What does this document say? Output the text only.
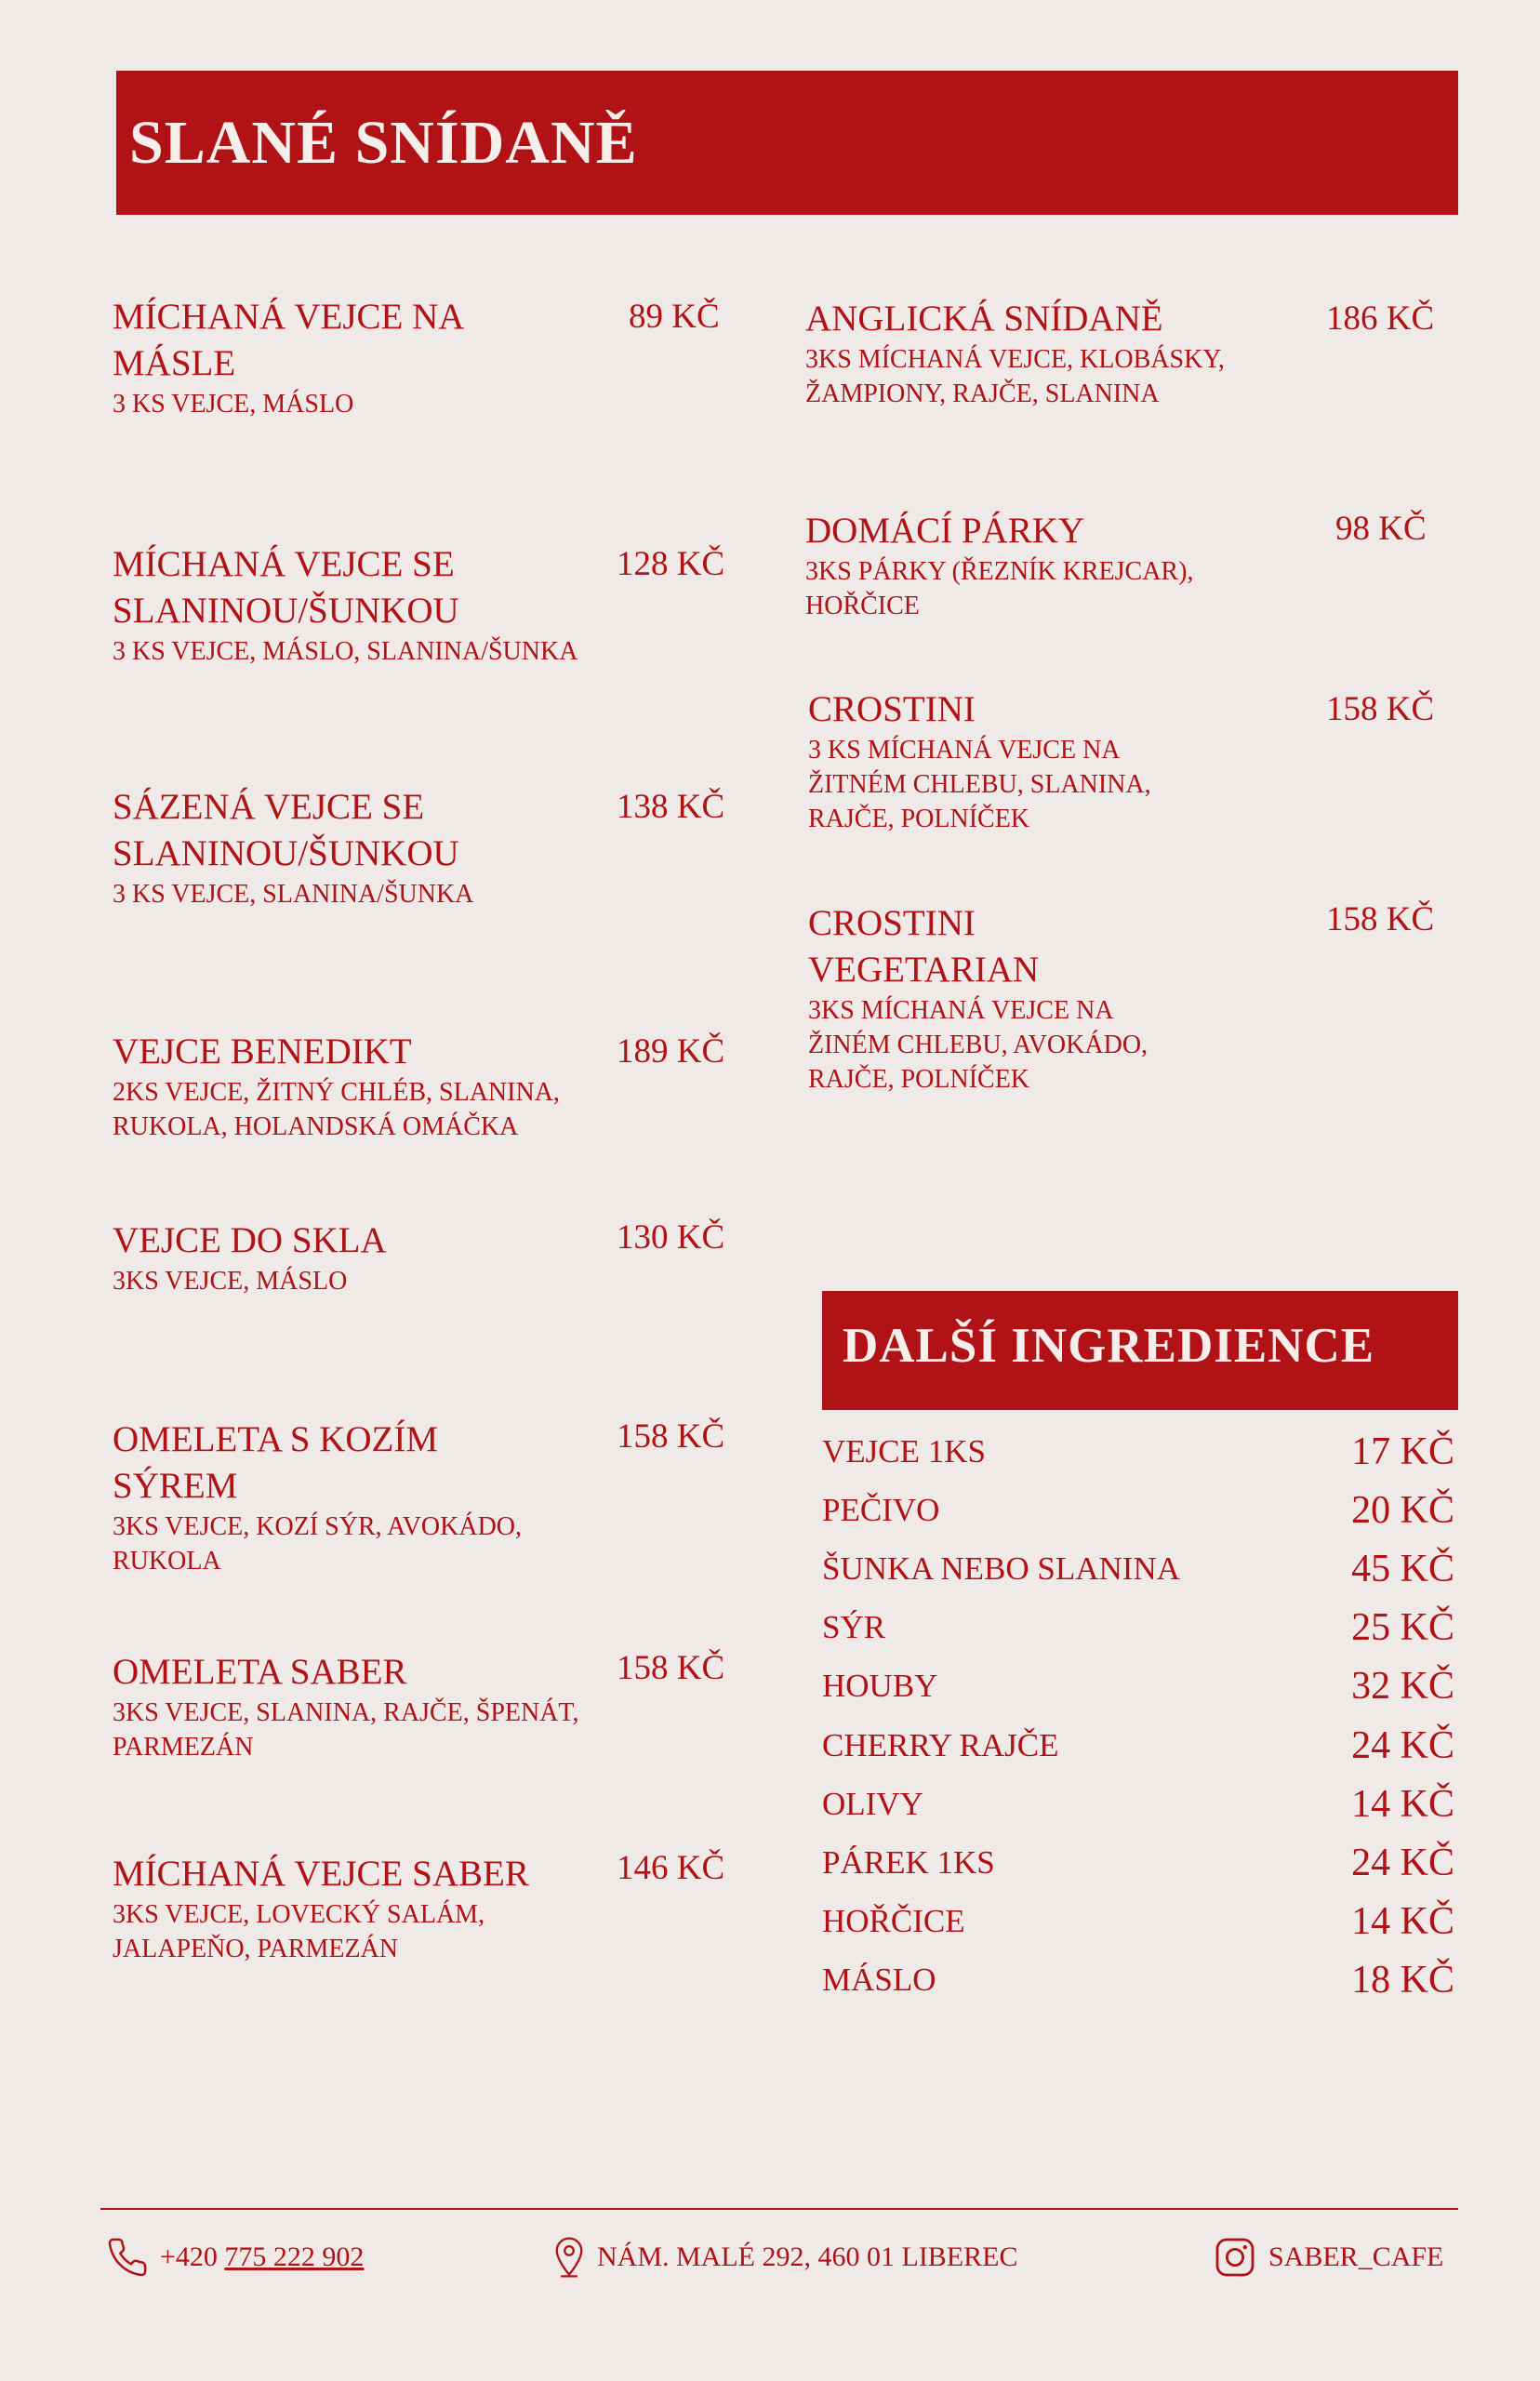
SLANÉ SNÍDANĚ
MÍCHANÁ VEJCE NA
MÁSLE
3 KS VEJCE, MÁSLO
89 KČ
MÍCHANÁ VEJCE SE
SLANINOU/ŠUNKOU
3 KS VEJCE, MÁSLO, SLANINA/ŠUNKA
128 KČ
SÁZENÁ VEJCE SE
SLANINOU/ŠUNKOU
3 KS VEJCE, SLANINA/ŠUNKA
138 KČ
VEJCE BENEDIKT
2KS VEJCE, ŽITNÝ CHLÉB, SLANINA,
RUKOLA, HOLANDSKÁ OMÁČKA
189 KČ
VEJCE DO SKLA
3KS VEJCE, MÁSLO
130 KČ
OMELETA S KOZÍM
SÝREM
3KS VEJCE, KOZÍ SÝR, AVOKÁDO,
RUKOLA
158 KČ
OMELETA SABER
3KS VEJCE, SLANINA, RAJČE, ŠPENÁT,
PARMEZÁN
158 KČ
MÍCHANÁ VEJCE SABER
3KS VEJCE, LOVECKÝ SALÁM,
JALAPEŇO, PARMEZÁN
146 KČ
ANGLICKÁ SNÍDANĚ
3KS MÍCHANÁ VEJCE, KLOBÁSKY,
ŽAMPIONY, RAJČE, SLANINA
186 KČ
DOMÁCÍ PÁRKY
3KS PÁRKY (ŘEZNÍK KREJCAR),
HOŘČICE
98 KČ
CROSTINI
3 KS MÍCHANÁ VEJCE NA
ŽITNÉM CHLEBU, SLANINA,
RAJČE, POLNÍČEK
158 KČ
CROSTINI
VEGETARIAN
3KS MÍCHANÁ VEJCE NA
ŽINÉM CHLEBU, AVOKÁDO,
RAJČE, POLNÍČEK
158 KČ
DALŠÍ INGREDIENCE
VEJCE 1KS	17 KČ
PEČIVO	20 KČ
ŠUNKA NEBO SLANINA	45 KČ
SÝR	25 KČ
HOUBY	32 KČ
CHERRY RAJČE	24 KČ
OLIVY	14 KČ
PÁREK 1KS	24 KČ
HOŘČICE	14 KČ
MÁSLO	18 KČ
+420
775 222 902	NÁM. MALÉ 292, 460 01 LIBEREC	SABER_CAFE
